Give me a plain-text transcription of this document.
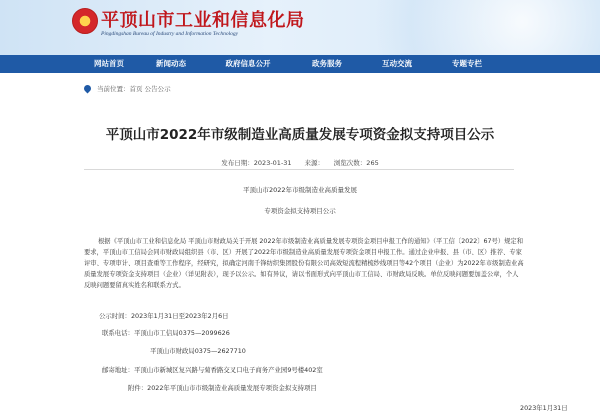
平顶山市工业和信息化局
Pingdingshan Bureau of Industry and Information Technology
网站首页	新闻动态	政府信息公开	政务服务	互动交流	专题专栏
当前位置：首页 公告公示
平顶山市2022年市级制造业高质量发展专项资金拟支持项目公示
发布日期：2023-01-31　　来源：　　浏览次数：265
平顶山市2022年市级制造业高质量发展
专项资金拟支持项目公示
根据《平顶山市工业和信息化局 平顶山市财政局关于开展 2022年市级制造业高质量发展专项资金项目申报工作的通知》（平工信〔2022〕67号）规定和要求，平顶山市工信局会同市财政局组织县（市、区）开展了2022年市级制造业高质量发展专项资金项目申报工作。通过企业申报、县（市、区）推荐、专家评审、专项审计、项目查重等工作程序，经研究，拟确定河南千锋纺织集团股份有限公司高效短流程精梳纱线项目等42个项目（企业）为2022年市级制造业高质量发展专项资金支持项目（企业）（详见附表），现予以公示。如有异议，请以书面形式向平顶山市工信局、市财政局反映。单位反映问题要加盖公章，个人反映问题要留真实姓名和联系方式。
公示时间：2023年1月31日至2023年2月6日
联系电话：平顶山市工信局0375—2099626
平顶山市财政局0375—2627710
邮寄地址：平顶山市新城区复兴路与菊香路交叉口电子商务产业园9号楼402室
附件：2022年平顶山市市级制造业高质量发展专项资金拟支持项目
2023年1月31日
